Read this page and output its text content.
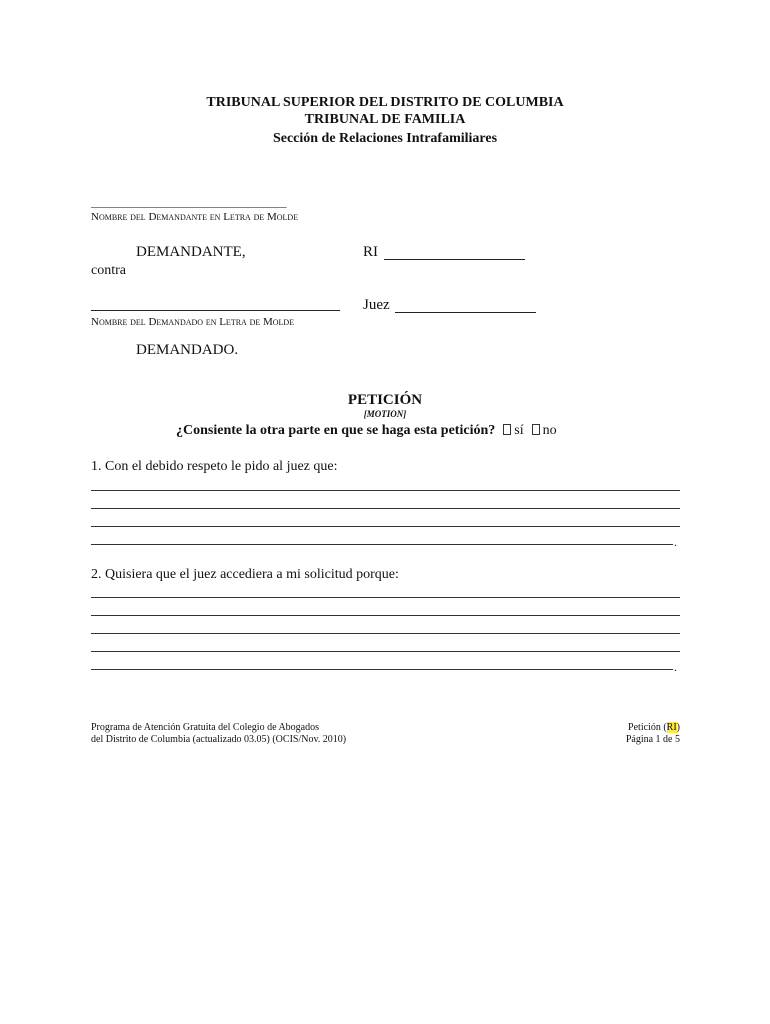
TRIBUNAL SUPERIOR DEL DISTRITO DE COLUMBIA
TRIBUNAL DE FAMILIA
Sección de Relaciones Intrafamiliares
_______________________________________
Nombre del Demandante en Letra de Molde
DEMANDANTE,
contra
RI
Nombre del Demandado en Letra de Molde
DEMANDADO.
Juez
PETICIÓN
[MOTION]
¿Consiente la otra parte en que se haga esta petición? sí no
1. Con el debido respeto le pido al juez que:
.
2. Quisiera que el juez accediera a mi solicitud porque:
.
Programa de Atención Gratuita del Colegio de Abogados
del Distrito de Columbia (actualizado 03.05) (OCIS/Nov. 2010)
Petición (RI)
Página 1 de 5
